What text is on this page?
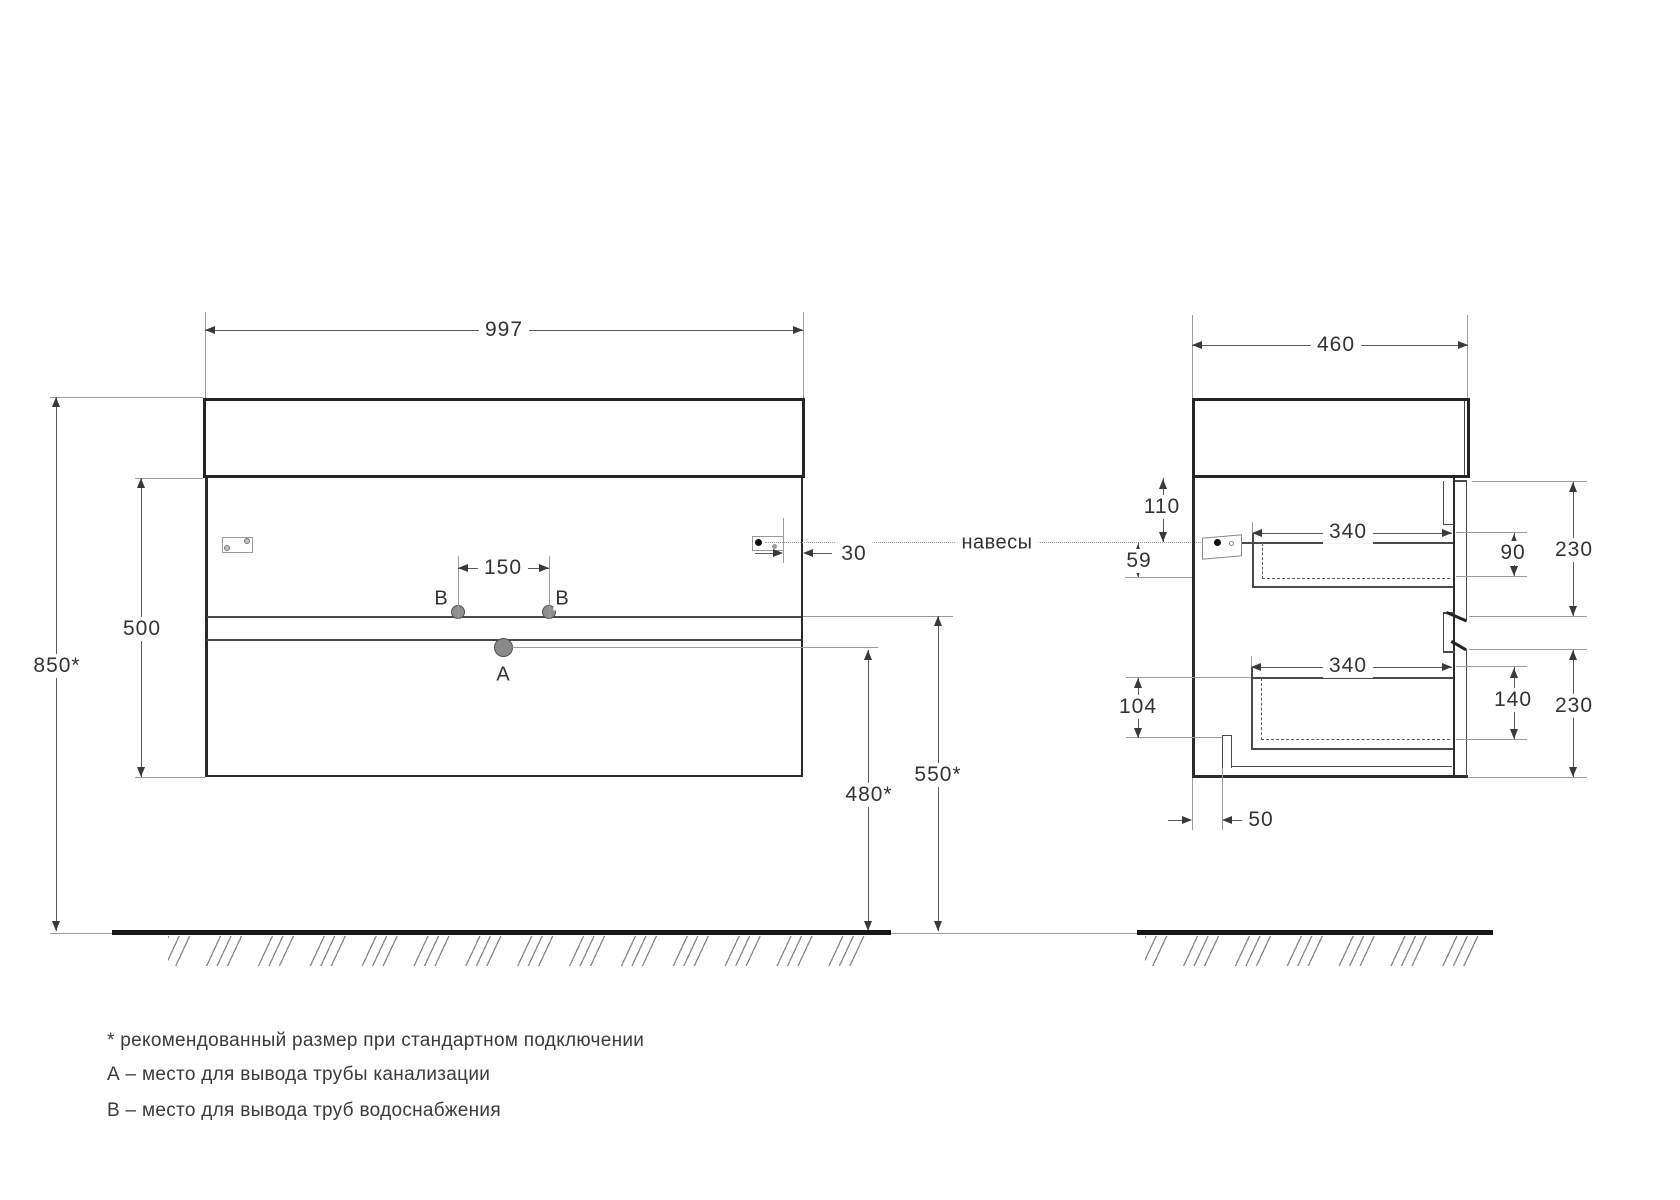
B	B
A
997
850*
500
150
30
480*
550*
навесы
460
110
59
104
340
340
90
140
230
230
50
* рекомендованный размер при стандартном подключении
А – место для вывода трубы канализации
В – место для вывода труб водоснабжения
